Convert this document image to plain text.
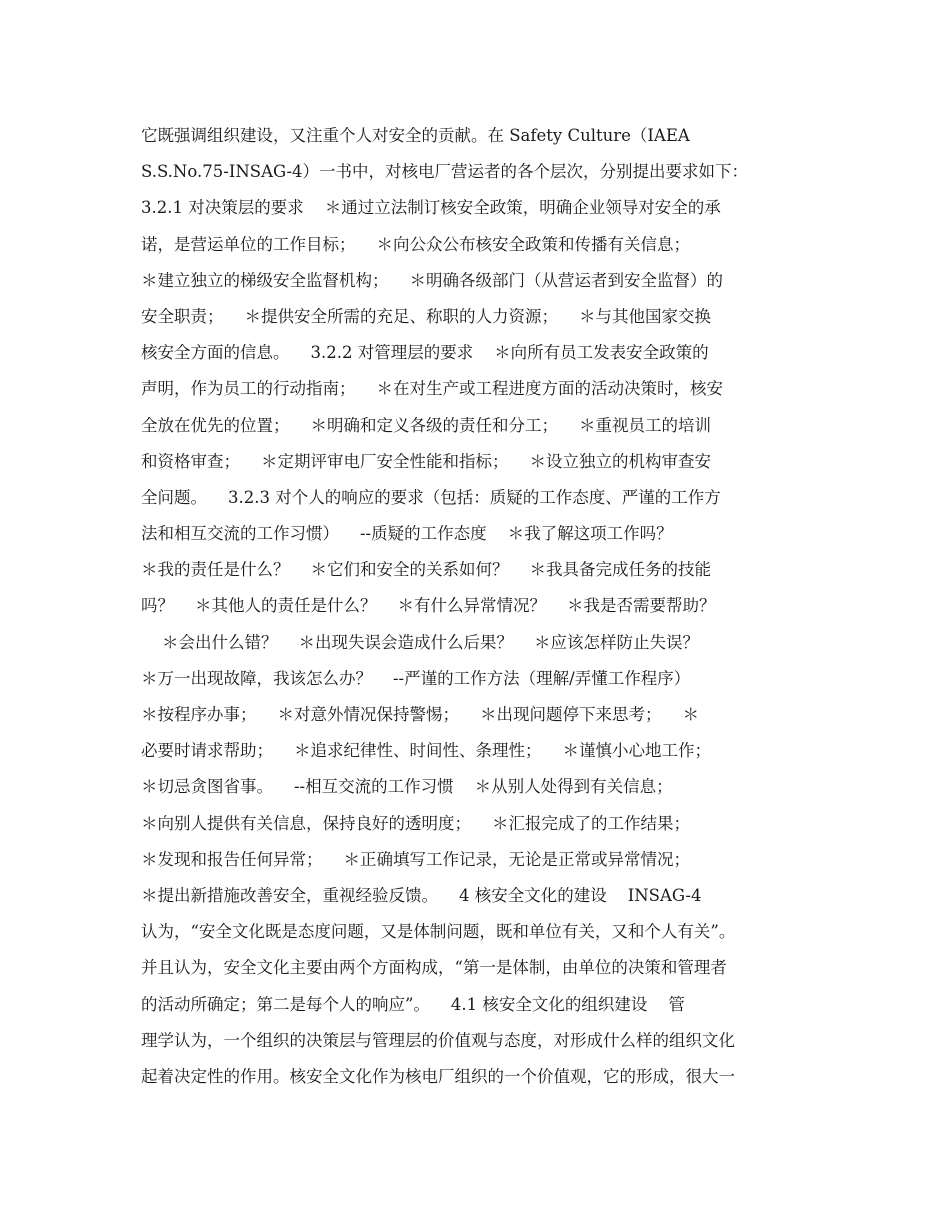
它既强调组织建设，又注重个人对安全的贡献。在 Safety Culture（IAEA
S.S.No.75-INSAG-4）一书中，对核电厂营运者的各个层次，分别提出要求如下：
3.2.1 对决策层的要求    ＊通过立法制订核安全政策，明确企业领导对安全的承
诺，是营运单位的工作目标；    ＊向公众公布核安全政策和传播有关信息；
＊建立独立的梯级安全监督机构；    ＊明确各级部门（从营运者到安全监督）的
安全职责；    ＊提供安全所需的充足、称职的人力资源；    ＊与其他国家交换
核安全方面的信息。    3.2.2 对管理层的要求    ＊向所有员工发表安全政策的
声明，作为员工的行动指南；    ＊在对生产或工程进度方面的活动决策时，核安
全放在优先的位置；    ＊明确和定义各级的责任和分工；    ＊重视员工的培训
和资格审查；    ＊定期评审电厂安全性能和指标；    ＊设立独立的机构审查安
全问题。    3.2.3 对个人的响应的要求（包括：质疑的工作态度、严谨的工作方
法和相互交流的工作习惯）    --质疑的工作态度    ＊我了解这项工作吗？
＊我的责任是什么？    ＊它们和安全的关系如何？    ＊我具备完成任务的技能
吗？    ＊其他人的责任是什么？    ＊有什么异常情况？    ＊我是否需要帮助？
＊会出什么错？    ＊出现失误会造成什么后果？    ＊应该怎样防止失误？
＊万一出现故障，我该怎么办？    --严谨的工作方法（理解/弄懂工作程序）
＊按程序办事；    ＊对意外情况保持警惕；    ＊出现问题停下来思考；    ＊
必要时请求帮助；    ＊追求纪律性、时间性、条理性；    ＊谨慎小心地工作；
＊切忌贪图省事。    --相互交流的工作习惯    ＊从别人处得到有关信息；
＊向别人提供有关信息，保持良好的透明度；    ＊汇报完成了的工作结果；
＊发现和报告任何异常；    ＊正确填写工作记录，无论是正常或异常情况；
＊提出新措施改善安全，重视经验反馈。    4 核安全文化的建设    INSAG-4
认为，“安全文化既是态度问题，又是体制问题，既和单位有关，又和个人有关”。
并且认为，安全文化主要由两个方面构成，“第一是体制，由单位的决策和管理者
的活动所确定；第二是每个人的响应”。    4.1 核安全文化的组织建设    管
理学认为，一个组织的决策层与管理层的价值观与态度，对形成什么样的组织文化
起着决定性的作用。核安全文化作为核电厂组织的一个价值观，它的形成，很大一
